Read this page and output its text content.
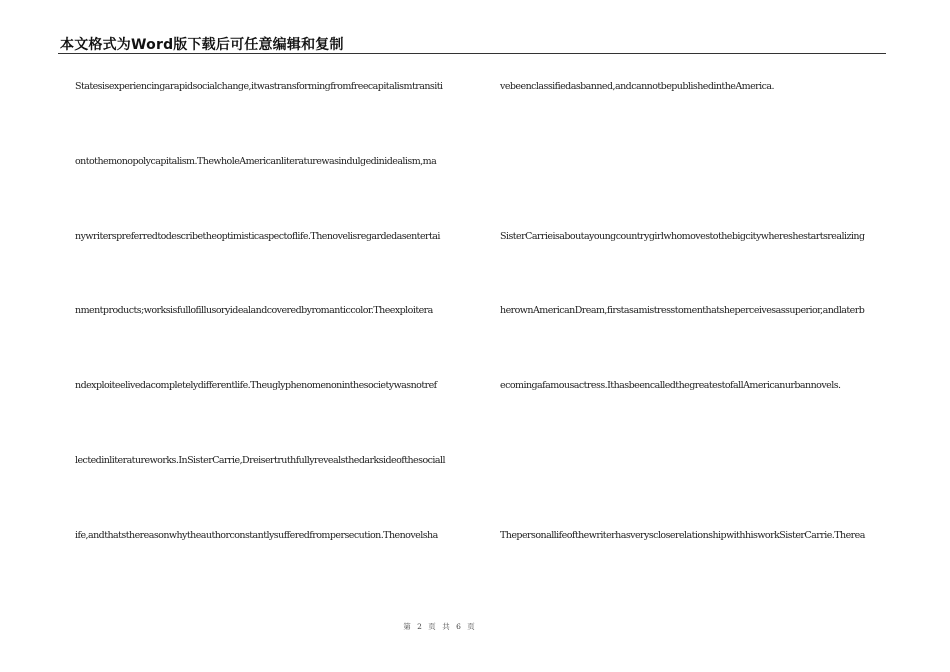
本文格式为Word版下载后可任意编辑和复制
Statesisexperiencingarapidsocialchange,itwastransformingfromfreecapitalismtransiti
ontothemonopolycapitalism.ThewholeAmericanliteraturewasindulgedinidealism,ma
nywriterspreferredtodescribetheoptimisticaspectoflife.Thenovelisregardedasentertai
nmentproducts;worksisfullofillusoryidealandcoveredbyromanticcolor.Theexploitera
ndexploiteelivedacompletelydifferentlife.Theuglyphenomenoninthesocietywasnotref
lectedinliteratureworks.InSisterCarrie,Dreisertruthfullyrevealsthedarksideofthesociall
ife,andthatsthereasonwhytheauthorconstantlysufferedfrompersecution.Thenovelsha
vebeenclassifiedasbanned,andcannotbepublishedintheAmerica.
SisterCarrieisaboutayoungcountrygirlwhomovestothebigcitywhereshestartsrealizing
herownAmericanDream,firstasamistresstomenthatsheperceivesassuperior,andlaterb
ecomingafamousactress.IthasbeencalledthegreatestofallAmericanurbannovels.
ThepersonallifeofthewriterhasveryscloserelationshipwithhisworkSisterCarrie.Therea
第 2 页 共 6 页
